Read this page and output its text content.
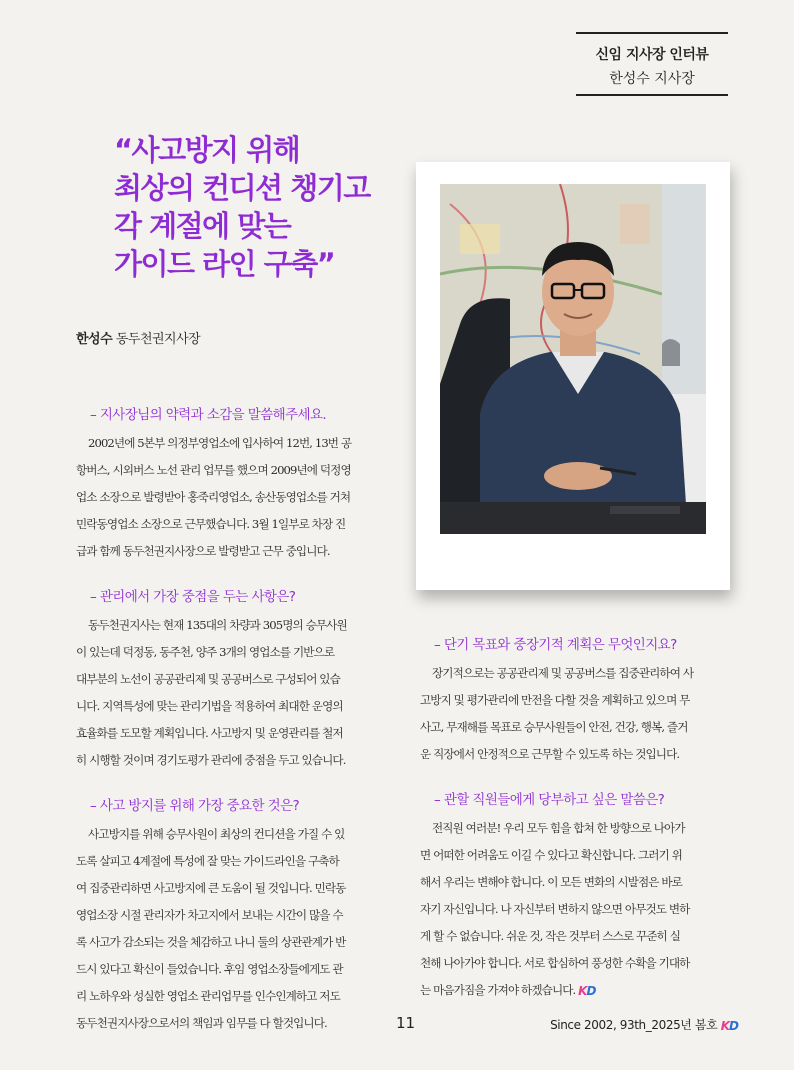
신임 지사장 인터뷰
한성수 지사장
“사고방지 위해
최상의 컨디션 챙기고
각 계절에 맞는
가이드 라인 구축”
한성수 동두천권지사장

– 지사장님의 약력과 소감을 말씀해주세요.

2002년에 5본부 의정부영업소에 입사하여 12번, 13번 공
항버스, 시외버스 노선 관리 업무를 했으며 2009년에 덕정영
업소 소장으로 발령받아 홍죽리영업소, 송산동영업소를 거쳐
민락동영업소 소장으로 근무했습니다. 3월 1일부로 차장 진
급과 함께 동두천권지사장으로 발령받고 근무 중입니다.

– 관리에서 가장 중점을 두는 사항은?

동두천권지사는 현재 135대의 차량과 305명의 승무사원
이 있는데 덕정동, 동주천, 양주 3개의 영업소를 기반으로
대부분의 노선이 공공관리제 및 공공버스로 구성되어 있습
니다. 지역특성에 맞는 관리기법을 적용하여 최대한 운영의
효율화를 도모할 계획입니다. 사고방지 및 운영관리를 철저
히 시행할 것이며 경기도평가 관리에 중점을 두고 있습니다.

– 사고 방지를 위해 가장 중요한 것은?

사고방지를 위해 승무사원이 최상의 컨디션을 가질 수 있
도록 살피고 4계절에 특성에 잘 맞는 가이드라인을 구축하
여 집중관리하면 사고방지에 큰 도움이 될 것입니다. 민락동
영업소장 시절 관리자가 차고지에서 보내는 시간이 많을 수
록 사고가 감소되는 것을 체감하고 나니 둘의 상관관계가 반
드시 있다고 확신이 들었습니다. 후임 영업소장들에게도 관
리 노하우와 성실한 영업소 관리업무를 인수인계하고 저도
동두천권지사장으로서의 책임과 임무를 다 할것입니다.

– 단기 목표와 중장기적 계획은 무엇인지요?

장기적으로는 공공관리제 및 공공버스를 집중관리하여 사
고방지 및 평가관리에 만전을 다할 것을 계획하고 있으며 무
사고, 무재해를 목표로 승무사원들이 안전, 건강, 행복, 즐거
운 직장에서 안정적으로 근무할 수 있도록 하는 것입니다.

– 관할 직원들에게 당부하고 싶은 말씀은?

전직원 여러분! 우리 모두 힘을 합쳐 한 방향으로 나아가
면 어떠한 어려움도 이길 수 있다고 확신합니다. 그러기 위
해서 우리는 변해야 합니다. 이 모든 변화의 시발점은 바로
자기 자신입니다. 나 자신부터 변하지 않으면 아무것도 변하
게 할 수 없습니다. 쉬운 것, 작은 것부터 스스로 꾸준히 실
천해 나아가야 합니다. 서로 합심하여 풍성한 수확을 기대하
는 마음가짐을 가져야 하겠습니다. KD

11	Since 2002, 93th_2025년 봄호 KD
